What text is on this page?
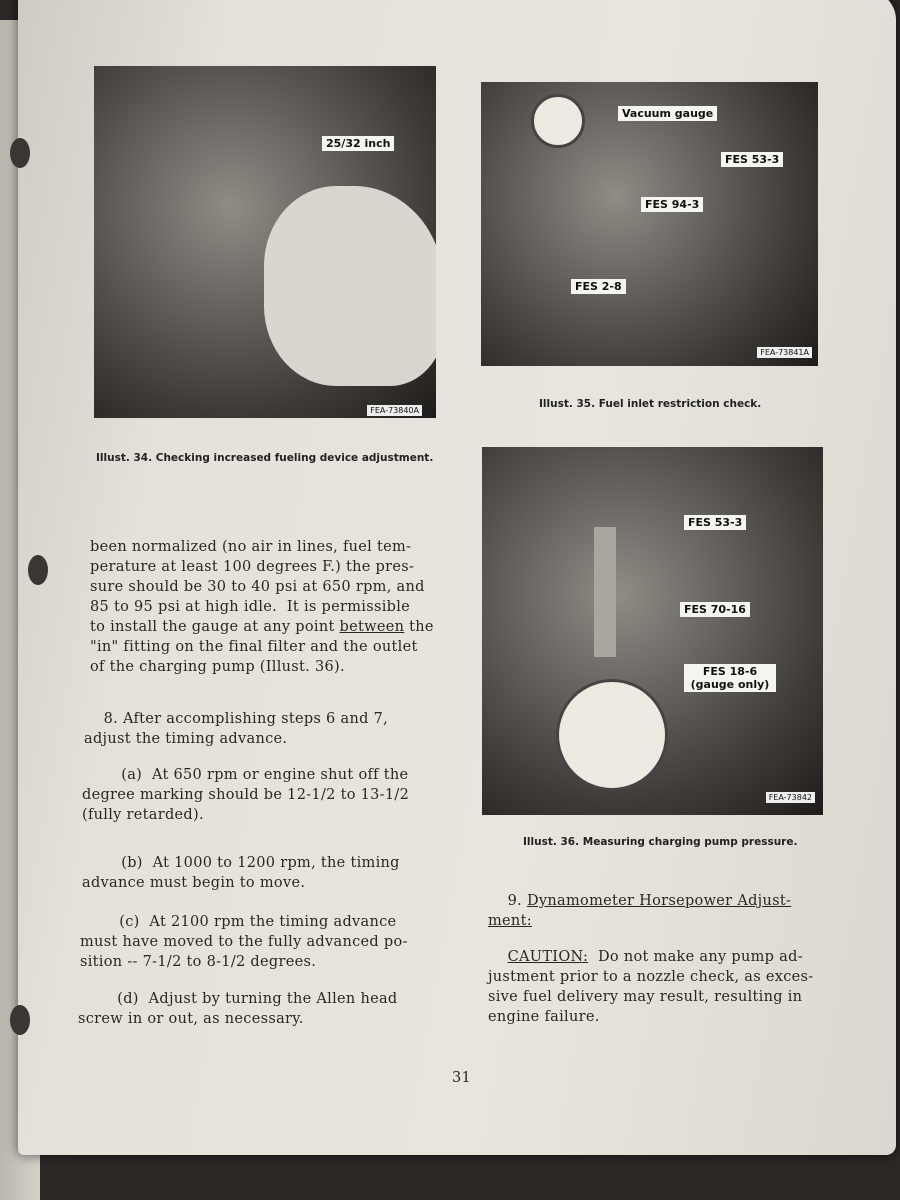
25/32 inch
FEA-73840A
Illust. 34. Checking increased fueling device adjustment.
Vacuum gauge
FES 53-3
FES 94-3
FES 2-8
FEA-73841A
Illust. 35. Fuel inlet restriction check.
FES 53-3
FES 70-16
FES 18-6 (gauge only)
FEA-73842
Illust. 36. Measuring charging pump pressure.
been normalized (no air in lines, fuel tem-
perature at least 100 degrees F.) the pres-
sure should be 30 to 40 psi at 650 rpm, and
85 to 95 psi at high idle.  It is permissible
to install the gauge at any point between the
"in" fitting on the final filter and the outlet
of the charging pump (Illust. 36).
8. After accomplishing steps 6 and 7,
adjust the timing advance.
(a)  At 650 rpm or engine shut off the
degree marking should be 12-1/2 to 13-1/2
(fully retarded).
(b)  At 1000 to 1200 rpm, the timing
advance must begin to move.
(c)  At 2100 rpm the timing advance
must have moved to the fully advanced po-
sition -- 7-1/2 to 8-1/2 degrees.
(d)  Adjust by turning the Allen head
screw in or out, as necessary.
9. Dynamometer Horsepower Adjust-
ment:
CAUTION:  Do not make any pump ad-
justment prior to a nozzle check, as exces-
sive fuel delivery may result, resulting in
engine failure.
31
